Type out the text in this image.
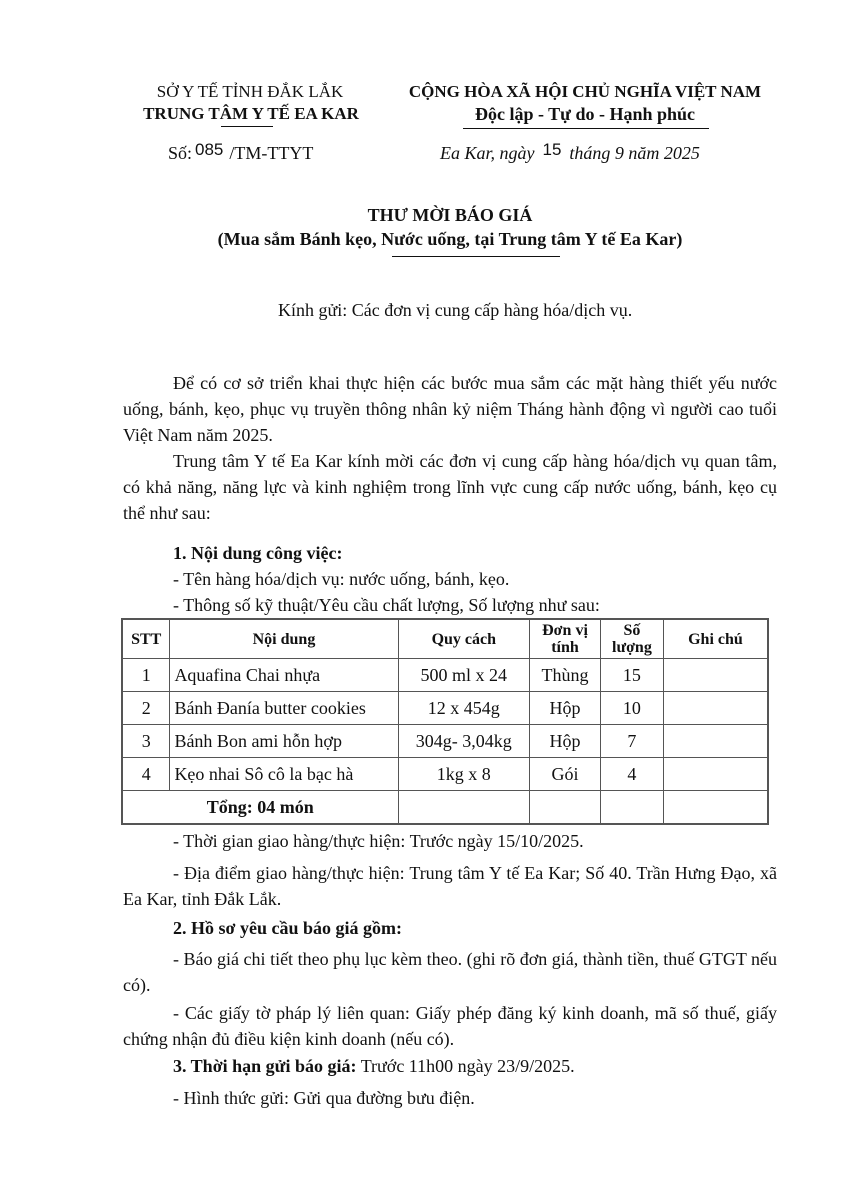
SỞ Y TẾ TỈNH ĐẮK LẮK
TRUNG TÂM Y TẾ EA KAR
Số: 085 /TM-TTYT
CỘNG HÒA XÃ HỘI CHỦ NGHĨA VIỆT NAM
Độc lập - Tự do - Hạnh phúc
Ea Kar, ngày 15 tháng 9 năm 2025
THƯ MỜI BÁO GIÁ
(Mua sắm Bánh kẹo, Nước uống, tại Trung tâm Y tế Ea Kar)
Kính gửi: Các đơn vị cung cấp hàng hóa/dịch vụ.

Để có cơ sở triển khai thực hiện các bước mua sắm các mặt hàng thiết yếu nước uống, bánh, kẹo, phục vụ truyền thông nhân kỷ niệm Tháng hành động vì người cao tuổi Việt Nam năm 2025.

Trung tâm Y tế Ea Kar kính mời các đơn vị cung cấp hàng hóa/dịch vụ quan tâm, có khả năng, năng lực và kinh nghiệm trong lĩnh vực cung cấp nước uống, bánh, kẹo cụ thể như sau:

1. Nội dung công việc:
- Tên hàng hóa/dịch vụ: nước uống, bánh, kẹo.
- Thông số kỹ thuật/Yêu cầu chất lượng, Số lượng như sau:
STT	Nội dung	Quy cách	Đơn vị tính	Số lượng	Ghi chú
1	Aquafina Chai nhựa	500 ml x 24	Thùng	15	
2	Bánh Đanía butter cookies	12 x 454g	Hộp	10	
3	Bánh Bon ami hỗn hợp	304g- 3,04kg	Hộp	7	
4	Kẹo nhai Sô cô la bạc hà	1kg x 8	Gói	4	
Tổng: 04 món					

- Thời gian giao hàng/thực hiện: Trước ngày 15/10/2025.

- Địa điểm giao hàng/thực hiện: Trung tâm Y tế Ea Kar; Số 40. Trần Hưng Đạo, xã Ea Kar, tỉnh Đắk Lắk.

2. Hồ sơ yêu cầu báo giá gồm:

- Báo giá chi tiết theo phụ lục kèm theo. (ghi rõ đơn giá, thành tiền, thuế GTGT nếu có).

- Các giấy tờ pháp lý liên quan: Giấy phép đăng ký kinh doanh, mã số thuế, giấy chứng nhận đủ điều kiện kinh doanh (nếu có).

3. Thời hạn gửi báo giá: Trước 11h00 ngày 23/9/2025.
- Hình thức gửi: Gửi qua đường bưu điện.
